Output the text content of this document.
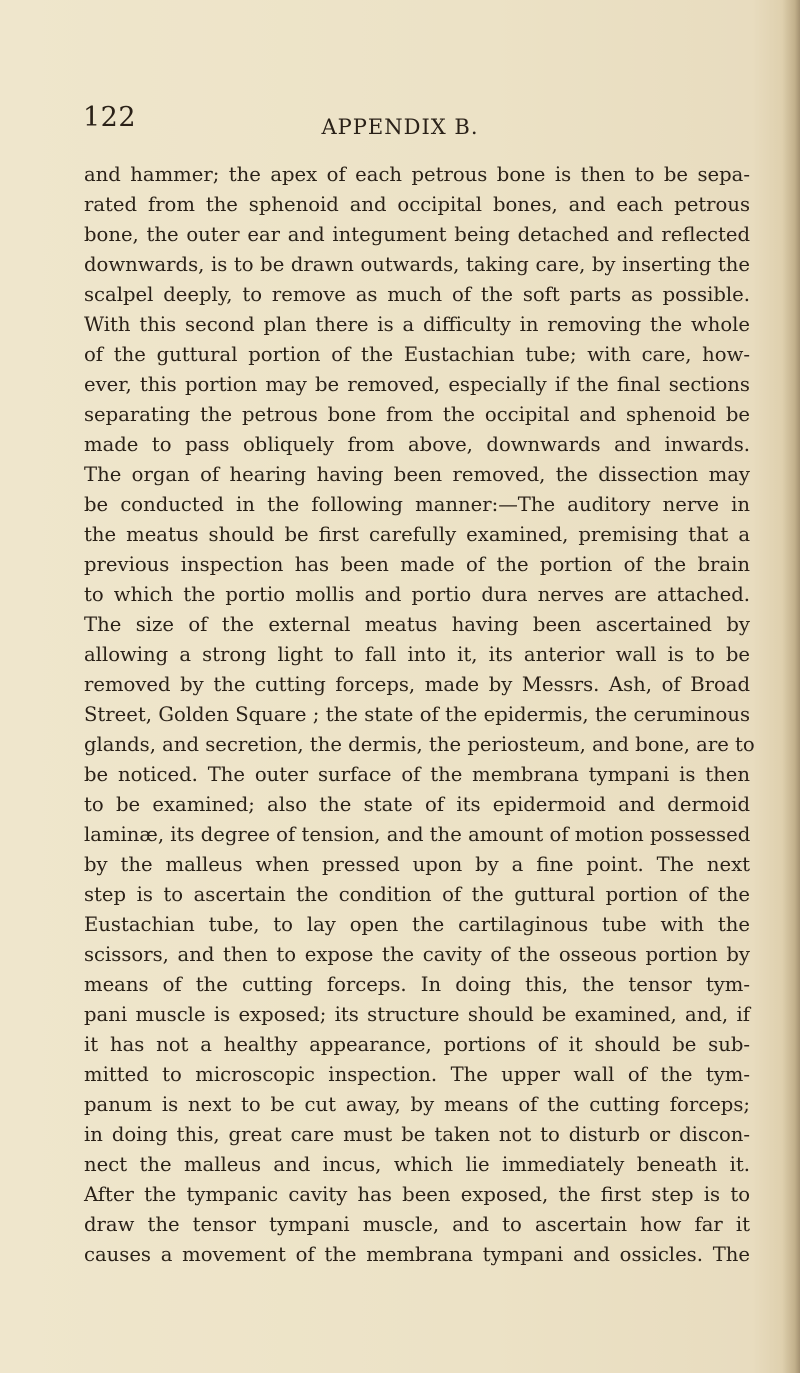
122	APPENDIX B.
and hammer; the apex of each petrous bone is then to be sepa-
rated from the sphenoid and occipital bones, and each petrous
bone, the outer ear and integument being detached and reflected
downwards, is to be drawn outwards, taking care, by inserting the
scalpel deeply, to remove as much of the soft parts as possible.
With this second plan there is a difficulty in removing the whole
of the guttural portion of the Eustachian tube; with care, how-
ever, this portion may be removed, especially if the final sections
separating the petrous bone from the occipital and sphenoid be
made to pass obliquely from above, downwards and inwards.
The organ of hearing having been removed, the dissection may
be conducted in the following manner:—The auditory nerve in
the meatus should be first carefully examined, premising that a
previous inspection has been made of the portion of the brain
to which the portio mollis and portio dura nerves are attached.
The size of the external meatus having been ascertained by
allowing a strong light to fall into it, its anterior wall is to be
removed by the cutting forceps, made by Messrs. Ash, of Broad
Street, Golden Square ; the state of the epidermis, the ceruminous
glands, and secretion, the dermis, the periosteum, and bone, are to
be noticed. The outer surface of the membrana tympani is then
to be examined; also the state of its epidermoid and dermoid
laminæ, its degree of tension, and the amount of motion possessed
by the malleus when pressed upon by a fine point. The next
step is to ascertain the condition of the guttural portion of the
Eustachian tube, to lay open the cartilaginous tube with the
scissors, and then to expose the cavity of the osseous portion by
means of the cutting forceps. In doing this, the tensor tym-
pani muscle is exposed; its structure should be examined, and, if
it has not a healthy appearance, portions of it should be sub-
mitted to microscopic inspection. The upper wall of the tym-
panum is next to be cut away, by means of the cutting forceps;
in doing this, great care must be taken not to disturb or discon-
nect the malleus and incus, which lie immediately beneath it.
After the tympanic cavity has been exposed, the first step is to
draw the tensor tympani muscle, and to ascertain how far it
causes a movement of the membrana tympani and ossicles. The
